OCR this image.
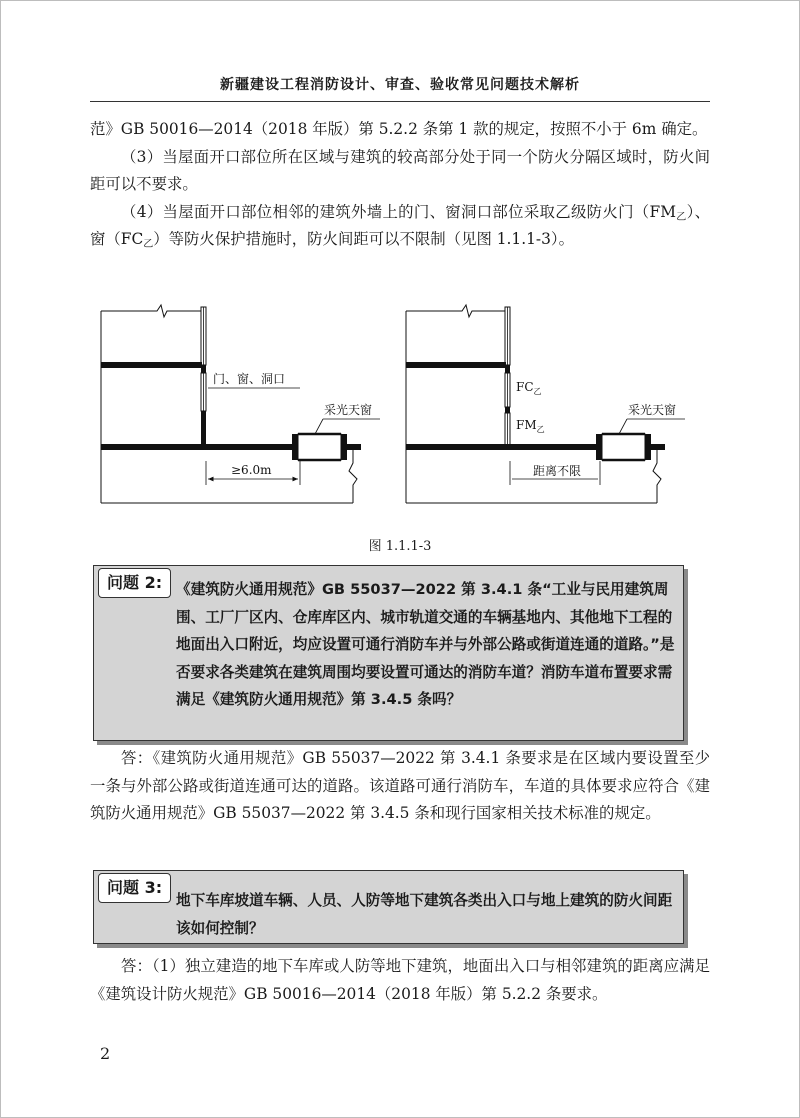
新疆建设工程消防设计、审查、验收常见问题技术解析

范》GB 50016—2014（2018 年版）第 5.2.2 条第 1 款的规定，按照不小于 6m 确定。

（3）当屋面开口部位所在区域与建筑的较高部分处于同一个防火分隔区域时，防火间距可以不要求。

（4）当屋面开口部位相邻的建筑外墙上的门、窗洞口部位采取乙级防火门$(FM_乙)$、窗$(FC_乙)$等防火保护措施时，防火间距可以不限制（见图 1.1.1-3）。

门、窗、洞口
采光天窗
≥6.0m
$FC_乙$
$FM_乙$
采光天窗
距离不限
图 1.1.1-3
问题 2: 《建筑防火通用规范》GB 55037—2022 第 3.4.1 条“工业与民用建筑周围、工厂厂区内、仓库库区内、城市轨道交通的车辆基地内、其他地下工程的地面出入口附近，均应设置可通行消防车并与外部公路或街道连通的道路。”是否要求各类建筑在建筑周围均要设置可通达的消防车道？消防车道布置要求需满足《建筑防火通用规范》第 3.4.5 条吗？

答：《建筑防火通用规范》GB 55037—2022 第 3.4.1 条要求是在区域内要设置至少一条与外部公路或街道连通可达的道路。该道路可通行消防车，车道的具体要求应符合《建筑防火通用规范》GB 55037—2022 第 3.4.5 条和现行国家相关技术标准的规定。

问题 3:
地下车库坡道车辆、人员、人防等地下建筑各类出入口与地上建筑的防火间距该如何控制？

答：（1）独立建造的地下车库或人防等地下建筑，地面出入口与相邻建筑的距离应满足《建筑设计防火规范》GB 50016—2014（2018 年版）第 5.2.2 条要求。

2
